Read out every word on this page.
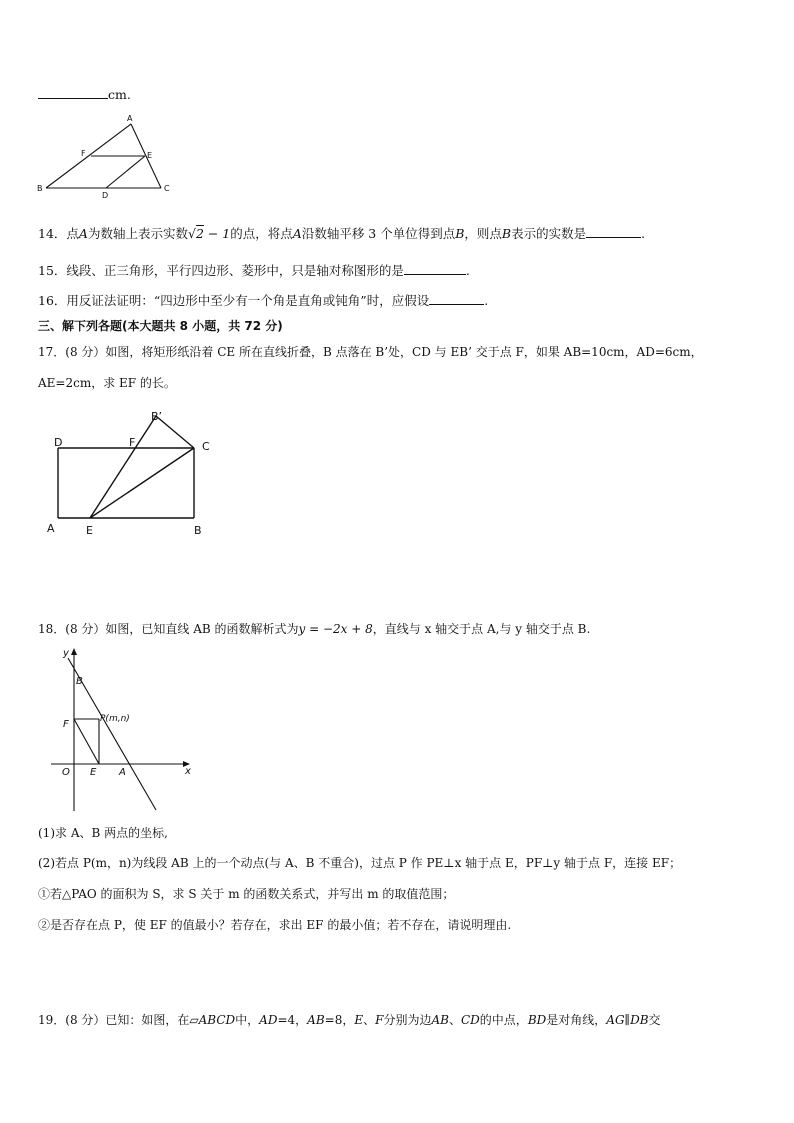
cm.
A
F	E
B
D
C
14．点A为数轴上表示实数√2 − 1的点，将点A沿数轴平移 3 个单位得到点B，则点B表示的实数是	.
15．线段、正三角形，平行四边形、菱形中，只是轴对称图形的是	.
16．用反证法证明：“四边形中至少有一个角是直角或钝角”时，应假设	.
三、解下列各题(本大题共 8 小题，共 72 分)
17．(8 分）如图，将矩形纸沿着 CE 所在直线折叠，B 点落在 B’处，CD 与 EB’ 交于点 F，如果 AB=10cm，AD=6cm，
AE=2cm，求 EF 的长。
B’
D	F	C
A	E	B
18．(8 分）如图，已知直线 AB 的函数解析式为y = −2x + 8，直线与 x 轴交于点 A,与 y 轴交于点 B.
y
x
B
F	P(m,n)
O E A
(1)求 A、B 两点的坐标,
(2)若点 P(m，n)为线段 AB 上的一个动点(与 A、B 不重合)，过点 P 作 PE⊥x 轴于点 E，PF⊥y 轴于点 F，连接 EF；
①若△PAO 的面积为 S，求 S 关于 m 的函数关系式，并写出 m 的取值范围；
②是否存在点 P，使 EF 的值最小？若存在，求出 EF 的最小值；若不存在，请说明理由.
19．(8 分）已知：如图，在▱ABCD中，AD=4，AB=8，E、F分别为边AB、CD的中点，BD是对角线，AG∥DB交
